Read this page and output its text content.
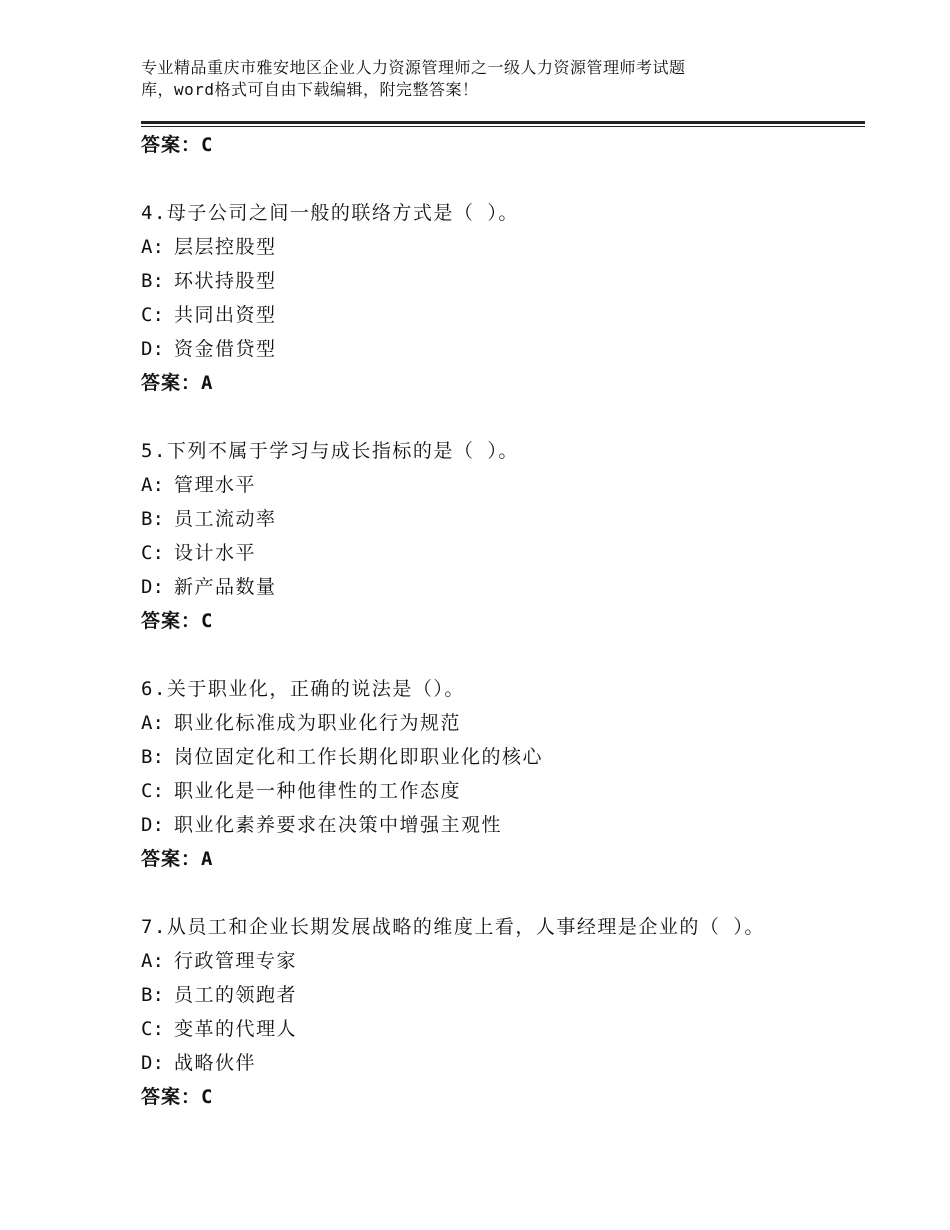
专业精品重庆市雅安地区企业人力资源管理师之一级人力资源管理师考试题
库，word格式可自由下载编辑，附完整答案！
答案：C
4.母子公司之间一般的联络方式是（ ）。
A: 层层控股型
B: 环状持股型
C: 共同出资型
D: 资金借贷型
答案：A
5.下列不属于学习与成长指标的是（ ）。
A: 管理水平
B: 员工流动率
C: 设计水平
D: 新产品数量
答案：C
6.关于职业化，正确的说法是（）。
A: 职业化标准成为职业化行为规范
B: 岗位固定化和工作长期化即职业化的核心
C: 职业化是一种他律性的工作态度
D: 职业化素养要求在决策中增强主观性
答案：A
7.从员工和企业长期发展战略的维度上看，人事经理是企业的（ ）。
A: 行政管理专家
B: 员工的领跑者
C: 变革的代理人
D: 战略伙伴
答案：C
